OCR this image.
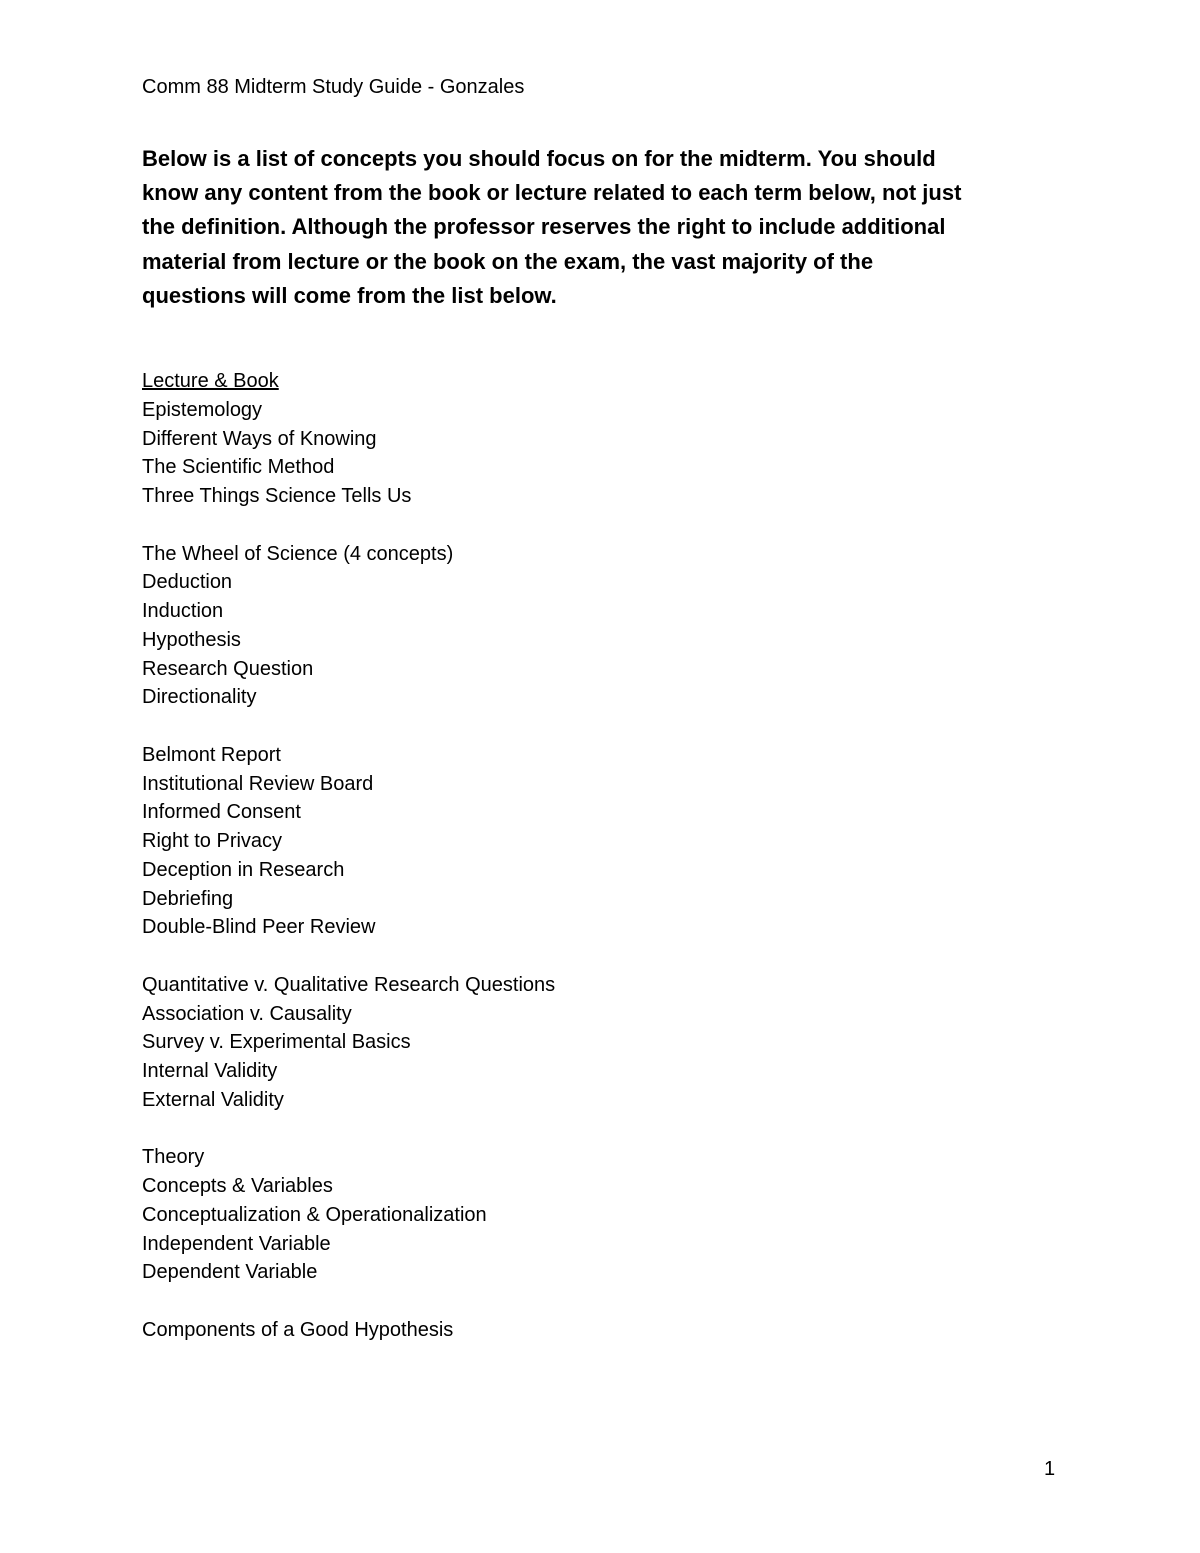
Comm 88 Midterm Study Guide - Gonzales
Below is a list of concepts you should focus on for the midterm. You should
know any content from the book or lecture related to each term below, not just
the definition. Although the professor reserves the right to include additional
material from lecture or the book on the exam, the vast majority of the
questions will come from the list below.
Lecture & Book
Epistemology
Different Ways of Knowing
The Scientific Method
Three Things Science Tells Us
The Wheel of Science (4 concepts)
Deduction
Induction
Hypothesis
Research Question
Directionality
Belmont Report
Institutional Review Board
Informed Consent
Right to Privacy
Deception in Research
Debriefing
Double-Blind Peer Review
Quantitative v. Qualitative Research Questions
Association v. Causality
Survey v. Experimental Basics
Internal Validity
External Validity
Theory
Concepts & Variables
Conceptualization & Operationalization
Independent Variable
Dependent Variable
Components of a Good Hypothesis
1
